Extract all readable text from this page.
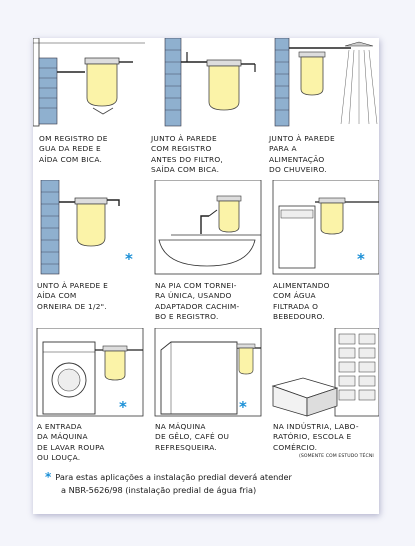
OM REGISTRO DE
GUA DA REDE E
AÍDA COM BICA.
JUNTO À PAREDE
COM REGISTRO
ANTES DO FILTRO,
SAÍDA COM BICA.
JUNTO À PAREDE
PARA A
ALIMENTAÇÃO
DO CHUVEIRO.
*
UNTO À PAREDE E
AÍDA COM
ORNEIRA DE 1/2".
NA PIA COM TORNEI-
RA ÚNICA, USANDO
ADAPTADOR CACHIM-
BO E REGISTRO.
*
ALIMENTANDO
COM ÁGUA
FILTRADA O
BEBEDOURO.
*
A ENTRADA
DA MÁQUINA
DE LAVAR ROUPA
OU LOUÇA.
*
NA MÁQUINA
DE GÊLO, CAFÉ OU
REFRESQUEIRA.
NA INDÚSTRIA, LABO-
RATÓRIO, ESCOLA E
COMÉRCIO.
(SOMENTE COM ESTUDO TÉCNI
* Para estas aplicações a instalação predial deverá atender
a NBR-5626/98 (instalação predial de água fria)
